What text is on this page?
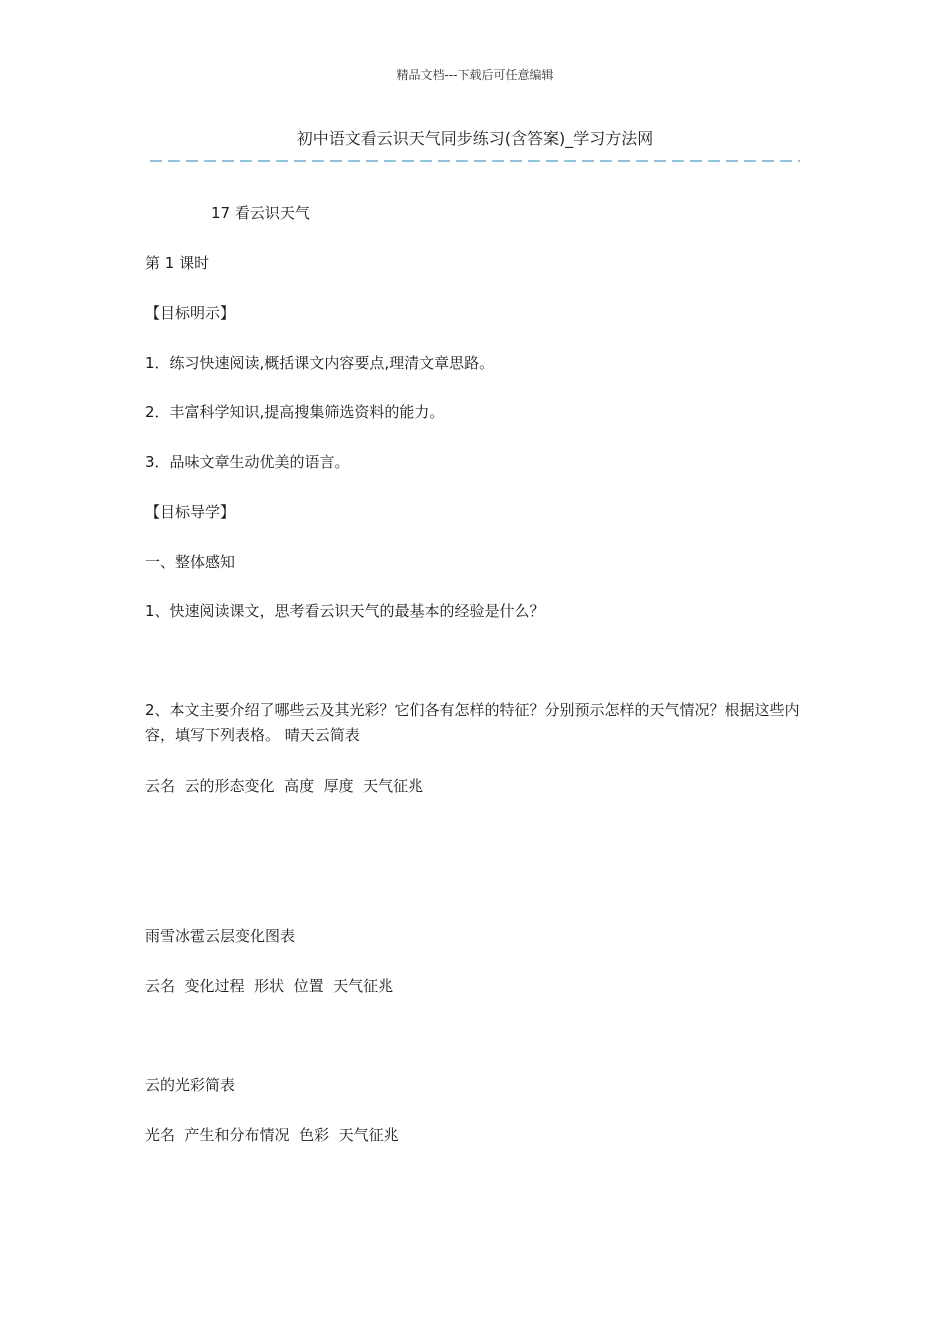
精品文档---下载后可任意编辑
初中语文看云识天气同步练习(含答案)_学习方法网
17 看云识天气
第 1 课时
【目标明示】
1．练习快速阅读,概括课文内容要点,理清文章思路。
2．丰富科学知识,提高搜集筛选资料的能力。
3．品味文章生动优美的语言。
【目标导学】
一、整体感知
1、快速阅读课文，思考看云识天气的最基本的经验是什么？
2、本文主要介绍了哪些云及其光彩？它们各有怎样的特征？分别预示怎样的天气情况？根据这些内容，填写下列表格。 晴天云简表
云名  云的形态变化  高度  厚度  天气征兆
雨雪冰雹云层变化图表
云名  变化过程  形状  位置  天气征兆
云的光彩简表
光名  产生和分布情况  色彩  天气征兆
